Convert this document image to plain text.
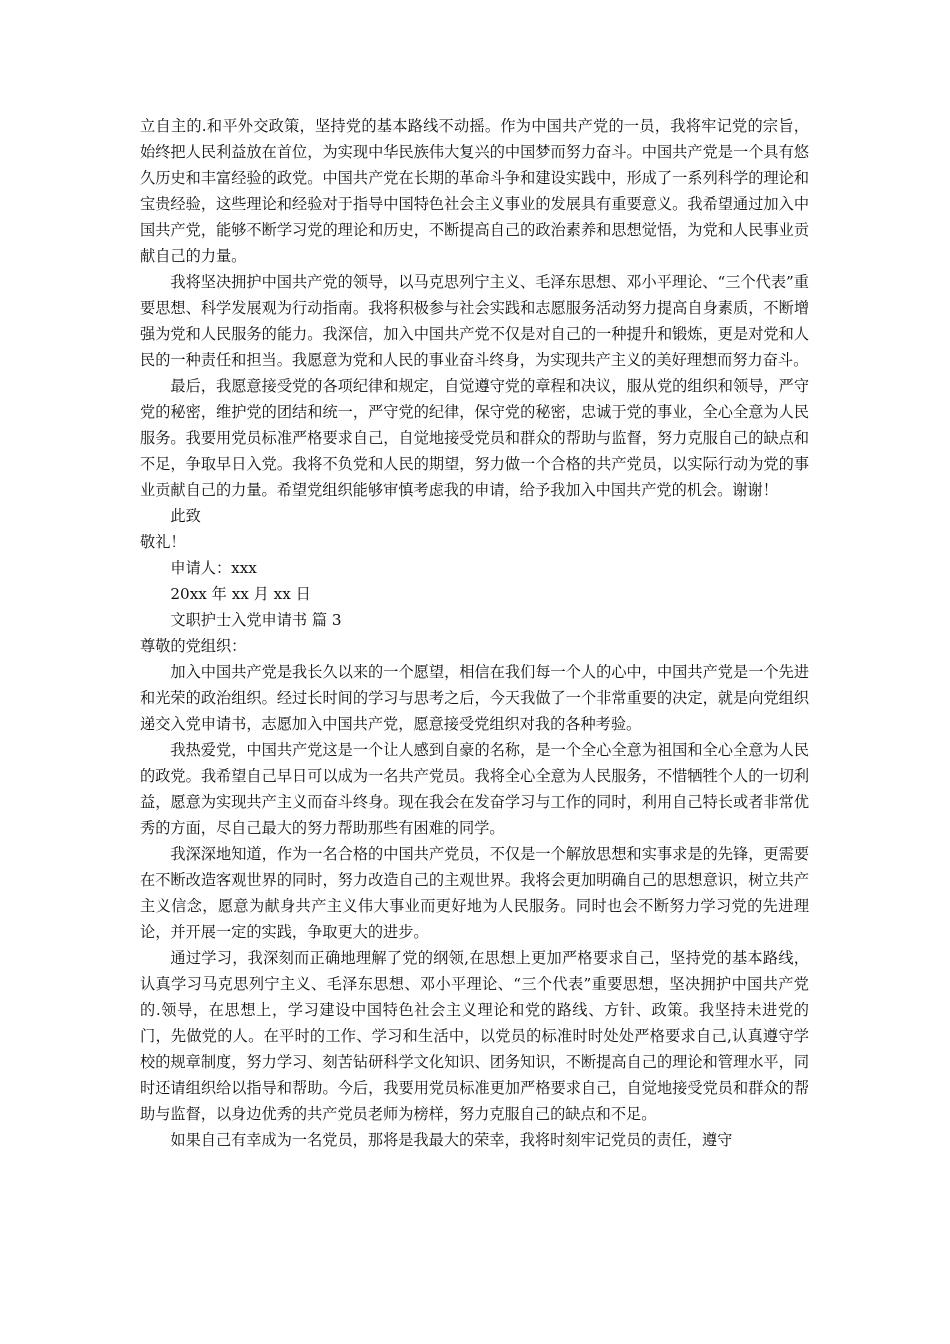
立自主的.和平外交政策，坚持党的基本路线不动摇。作为中国共产党的一员，我将牢记党的宗旨，始终把人民利益放在首位，为实现中华民族伟大复兴的中国梦而努力奋斗。中国共产党是一个具有悠久历史和丰富经验的政党。中国共产党在长期的革命斗争和建设实践中，形成了一系列科学的理论和宝贵经验，这些理论和经验对于指导中国特色社会主义事业的发展具有重要意义。我希望通过加入中国共产党，能够不断学习党的理论和历史，不断提高自己的政治素养和思想觉悟，为党和人民事业贡献自己的力量。

我将坚决拥护中国共产党的领导，以马克思列宁主义、毛泽东思想、邓小平理论、“三个代表”重要思想、科学发展观为行动指南。我将积极参与社会实践和志愿服务活动努力提高自身素质，不断增强为党和人民服务的能力。我深信，加入中国共产党不仅是对自己的一种提升和锻炼，更是对党和人民的一种责任和担当。我愿意为党和人民的事业奋斗终身，为实现共产主义的美好理想而努力奋斗。

最后，我愿意接受党的各项纪律和规定，自觉遵守党的章程和决议，服从党的组织和领导，严守党的秘密，维护党的团结和统一，严守党的纪律，保守党的秘密，忠诚于党的事业，全心全意为人民服务。我要用党员标准严格要求自己，自觉地接受党员和群众的帮助与监督，努力克服自己的缺点和不足，争取早日入党。我将不负党和人民的期望，努力做一个合格的共产党员，以实际行动为党的事业贡献自己的力量。希望党组织能够审慎考虑我的申请，给予我加入中国共产党的机会。谢谢！

此致

敬礼！

申请人：xxx

20xx 年 xx 月 xx 日

文职护士入党申请书 篇 3

尊敬的党组织：

加入中国共产党是我长久以来的一个愿望，相信在我们每一个人的心中，中国共产党是一个先进和光荣的政治组织。经过长时间的学习与思考之后，今天我做了一个非常重要的决定，就是向党组织递交入党申请书，志愿加入中国共产党，愿意接受党组织对我的各种考验。

我热爱党，中国共产党这是一个让人感到自豪的名称，是一个全心全意为祖国和全心全意为人民的政党。我希望自己早日可以成为一名共产党员。我将全心全意为人民服务，不惜牺牲个人的一切利益，愿意为实现共产主义而奋斗终身。现在我会在发奋学习与工作的同时，利用自己特长或者非常优秀的方面，尽自己最大的努力帮助那些有困难的同学。

我深深地知道，作为一名合格的中国共产党员，不仅是一个解放思想和实事求是的先锋，更需要在不断改造客观世界的同时，努力改造自己的主观世界。我将会更加明确自己的思想意识，树立共产主义信念，愿意为献身共产主义伟大事业而更好地为人民服务。同时也会不断努力学习党的先进理论，并开展一定的实践，争取更大的进步。

通过学习，我深刻而正确地理解了党的纲领,在思想上更加严格要求自己，坚持党的基本路线，认真学习马克思列宁主义、毛泽东思想、邓小平理论、“三个代表”重要思想，坚决拥护中国共产党的.领导，在思想上，学习建设中国特色社会主义理论和党的路线、方针、政策。我坚持未进党的门，先做党的人。在平时的工作、学习和生活中，以党员的标准时时处处严格要求自己,认真遵守学校的规章制度，努力学习、刻苦钻研科学文化知识、团务知识，不断提高自己的理论和管理水平，同时还请组织给以指导和帮助。今后，我要用党员标准更加严格要求自己，自觉地接受党员和群众的帮助与监督，以身边优秀的共产党员老师为榜样，努力克服自己的缺点和不足。

如果自己有幸成为一名党员，那将是我最大的荣幸，我将时刻牢记党员的责任，遵守
